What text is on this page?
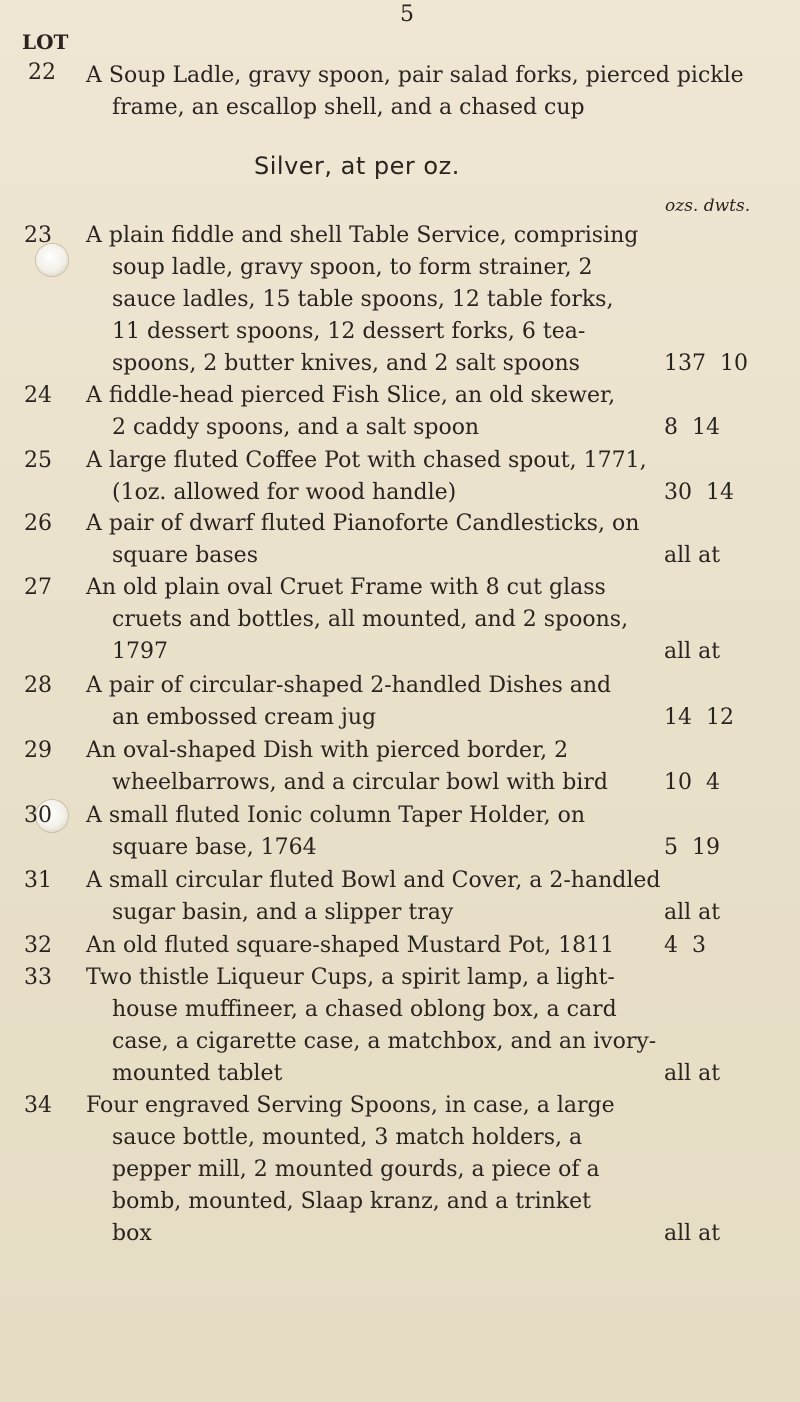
5
LOT
22 A Soup Ladle, gravy spoon, pair salad forks, pierced pickle
frame, an escallop shell, and a chased cup
Silver, at per oz.
ozs. dwts.
23 A plain fiddle and shell Table Service, comprising
soup ladle, gravy spoon, to form strainer, 2
sauce ladles, 15 table spoons, 12 table forks,
11 dessert spoons, 12 dessert forks, 6 tea-
spoons, 2 butter knives, and 2 salt spoons	137  10
24 A fiddle-head pierced Fish Slice, an old skewer,
2 caddy spoons, and a salt spoon	8  14
25 A large fluted Coffee Pot with chased spout, 1771,
(1oz. allowed for wood handle)	30  14
26 A pair of dwarf fluted Pianoforte Candlesticks, on
square bases	all at
27 An old plain oval Cruet Frame with 8 cut glass
cruets and bottles, all mounted, and 2 spoons,
1797	all at
28 A pair of circular-shaped 2-handled Dishes and
an embossed cream jug	14  12
29 An oval-shaped Dish with pierced border, 2
wheelbarrows, and a circular bowl with bird	10  4
30 A small fluted Ionic column Taper Holder, on
square base, 1764	5  19
31 A small circular fluted Bowl and Cover, a 2-handled
sugar basin, and a slipper tray	all at
32 An old fluted square-shaped Mustard Pot, 1811	4  3
33 Two thistle Liqueur Cups, a spirit lamp, a light-
house muffineer, a chased oblong box, a card
case, a cigarette case, a matchbox, and an ivory-
mounted tablet	all at
34 Four engraved Serving Spoons, in case, a large
sauce bottle, mounted, 3 match holders, a
pepper mill, 2 mounted gourds, a piece of a
bomb, mounted, Slaap kranz, and a trinket
box	all at
